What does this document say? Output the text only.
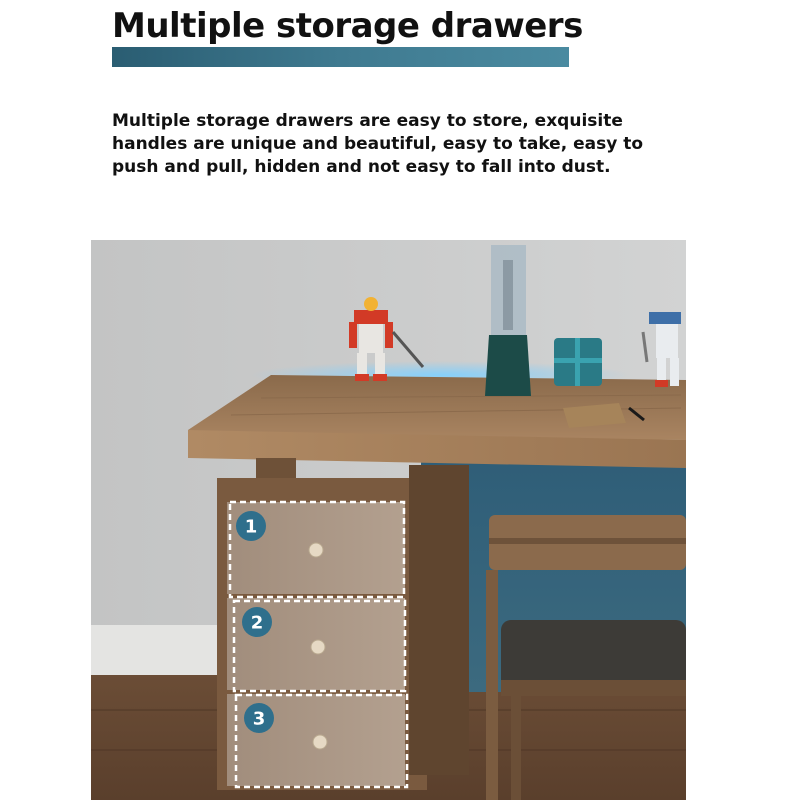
Multiple storage drawers

Multiple storage drawers are easy to store, exquisite handles are unique and beautiful, easy to take, easy to push and pull, hidden and not easy to fall into dust.

1
2
3
